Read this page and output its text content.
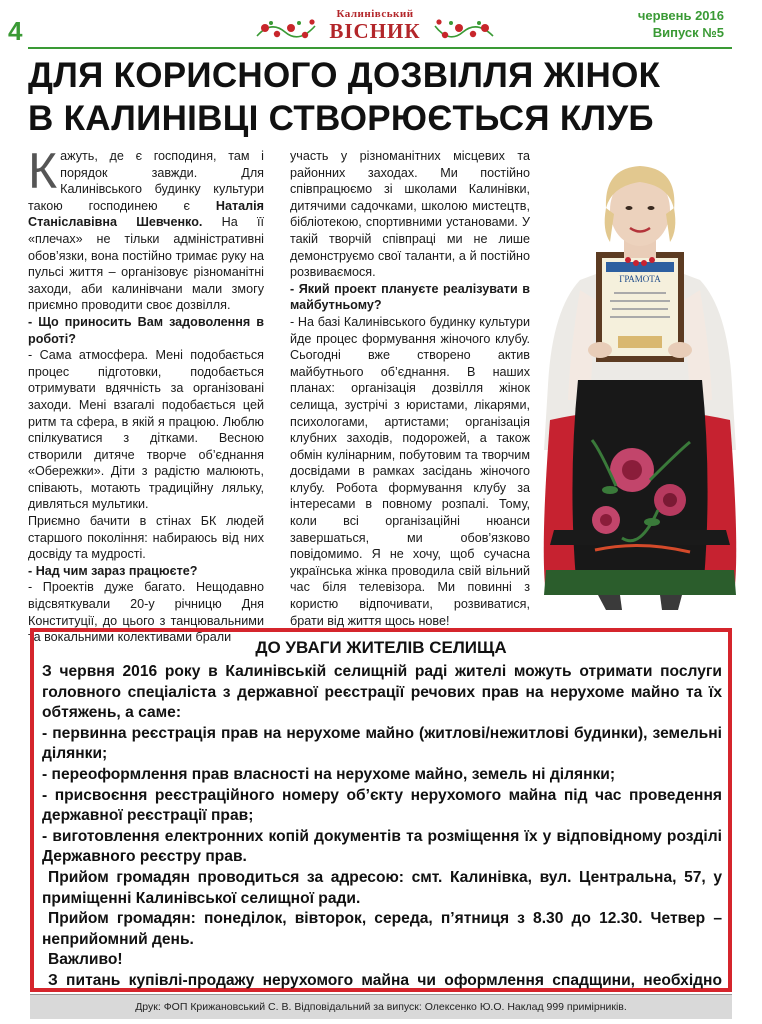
4
Калинівський
ВІСНИК
червень 2016
Випуск №5
ДЛЯ КОРИСНОГО ДОЗВІЛЛЯ ЖІНОК
В КАЛИНІВЦІ СТВОРЮЄТЬСЯ КЛУБ

Кажуть, де є господиня, там і порядок завжди. Для Калинівського будинку культури такою господинею є Наталія Станіславівна Шевченко. На її «плечах» не тільки адміністративні обов’язки, вона постійно тримає руку на пульсі життя – організовує різноманітні заходи, аби калинівчани мали змогу приємно проводити своє дозвілля.

- Що приносить Вам задоволення в роботі?

- Сама атмосфера. Мені подобається процес підготовки, подобається отримувати вдячність за організовані заходи. Мені взагалі подобається цей ритм та сфера, в якій я працюю. Люблю спілкуватися з дітками. Весною створили дитяче творче об’єднання «Обережки». Діти з радістю малюють, співають, мотають традиційну ляльку, дивляться мультики.

Приємно бачити в стінах БК людей старшого покоління: набираюсь від них досвіду та мудрості.

- Над чим зараз працюєте?

- Проектів дуже багато. Нещодавно відсвяткували 20-у річницю Дня Конституції, до цього з танцювальними та вокальними колективами брали

участь у різноманітних місцевих та районних заходах. Ми постійно співпрацюємо зі школами Калинівки, дитячими садочками, школою мистецтв, бібліотекою, спортивними установами. У такій творчій співпраці ми не лише демонструємо свої таланти, а й постійно розвиваємося.

- Який проект плануєте реалізувати в майбутньому?

- На базі Калинівського будинку культури йде процес формування жіночого клубу. Сьогодні вже створено актив майбутнього об’єднання. В наших планах: організація дозвілля жінок селища, зустрічі з юристами, лікарями, психологами, артистами; організація клубних заходів, подорожей, а також обмін кулінарним, побутовим та творчим досвідами в рамках засідань жіночого клубу. Робота формування клубу за інтересами в повному розпалі. Тому, коли всі організаційні нюанси завершаться, ми обов’язково повідомимо. Я не хочу, щоб сучасна українська жінка проводила свій вільний час біля телевізора. Ми повинні з користю відпочивати, розвиватися, брати від життя щось нове!

ГРАМОТА
ДО УВАГИ ЖИТЕЛІВ СЕЛИЩА

З червня 2016 року в Калинівській селищній раді жителі можуть отримати послуги головного спеціаліста з державної реєстрації речових прав на нерухоме майно та їх обтяжень, а саме:

- первинна реєстрація прав на нерухоме майно (житлові/нежитлові будинки), земельні ділянки;

- переоформлення прав власності на нерухоме майно, земель ні ділянки;

- присвоєння реєстраційного номеру об’єкту нерухомого майна під час проведення державної реєстрації прав;

- виготовлення електронних копій документів та розміщення їх у відповідному розділі Державного реєстру прав.

Прийом громадян проводиться за адресою: смт. Калинівка, вул. Центральна, 57, у приміщенні Калинівської селищної ради.

Прийом громадян: понеділок, вівторок, середа, п’ятниця з 8.30 до 12.30. Четвер – неприйомний день.

Важливо!

З питань купівлі-продажу нерухомого майна чи оформлення спадщини, необхідно

Друк: ФОП Крижановський С. В. Відповідальний за випуск: Олексенко Ю.О. Наклад 999 примірників.
